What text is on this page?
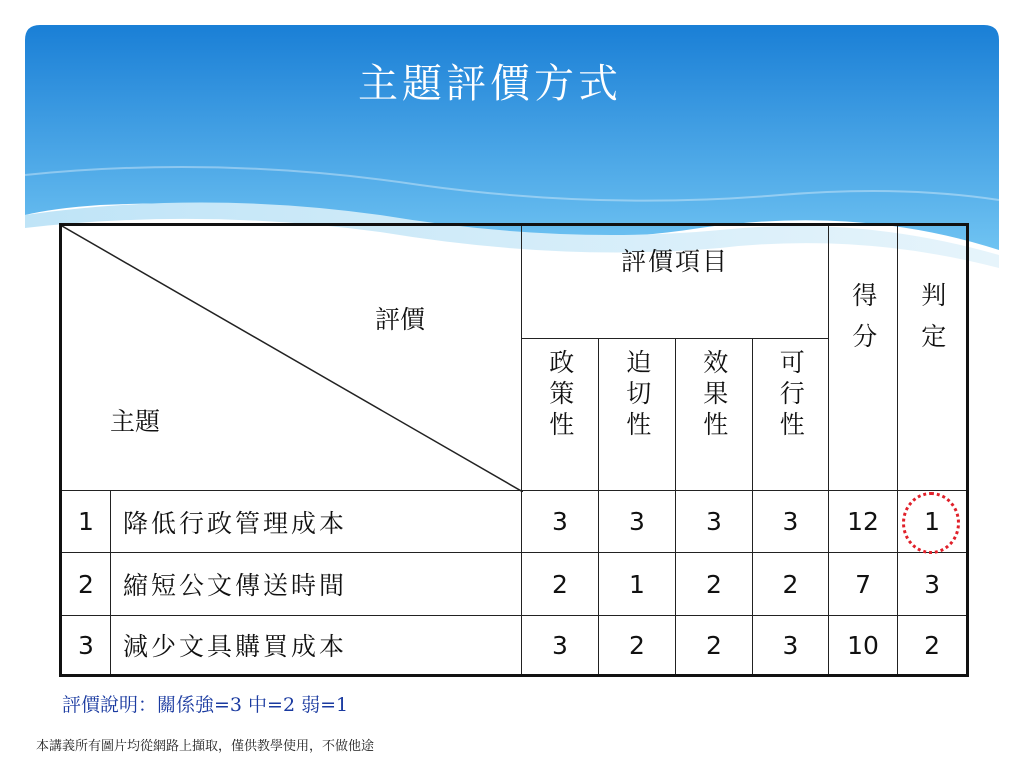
主題評價方式
評價
主題		評價項目				得分	判定
		政策性	迫切性	效果性	可行性		
1	降低行政管理成本	3	3	3	3	12	1
2	縮短公文傳送時間	2	1	2	2	7	3
3	減少文具購買成本	3	2	2	3	10	2
評價說明：關係強=3 中=2 弱=1
本講義所有圖片均從網路上擷取，僅供教學使用，不做他途
